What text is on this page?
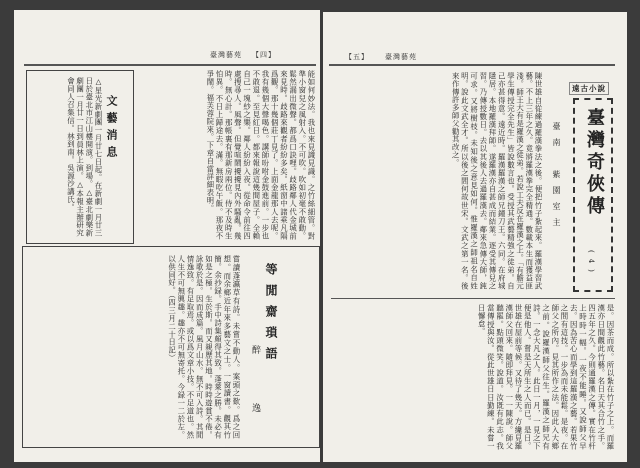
臺灣藝苑 【四】
能如何妙法。我也來見識見識。之竹絲細管。對準小窗兒之風射入。不可吹。吹如初毫不敢動。鬆然漏出微聲。都爲口訣哩。歧路鄰人代金城前來見時。歧路來觀者紛紛多矣。紙窗中諸乘凡隔爲觀。那十幾個莊丁見了。上面金龍那人去呢。我有幾個大聲喝色。講師吩咐金鼓進前。一步也不敢退。至見紅日。都來報說這幾間屋子。全賴自己一塊紗之樂。鄰人紛紛入夜。從命令前往四處搜尋人。風聲。但覺喧鬧擾擾見內外騷亂。幾時。無心計。那帳裏有那新房兩位。侍不及時生怕異。不日上歸途去。滿。無暇吃午飯。那夜不爭鬧。福芙蓉院來。下章自當詳細表明。
文藝消息
△星光新劇團一月廿七日起。在新劇一月廿三日於臺北市江山樓開演。到場。△臺北劇樂新劇團一月廿一日到員林上演。△本報主辦研究會同人召集信。林到南。吳源沙講氏。
等閒齋瑣語
醉　逸
嘗讀蓬瀛草有詩。未嘗不動人。案頭之歎。爲之回想。而余鄉近年來多藝文之士。一窗讀書。觀其竹簡。余抄録。手中詩集頗得其致。蓬萊之勝。未必有如是之極。生於斯。而又親歷其地。時時遊賞不倦。詠歌於是。因而成篇。風月山水。無不可入詩。其閒情逸致。有足取焉。或以爲文章小技。不足道也。然人生不可無興趣。趣亦不可無寄托。今録一二於左。以供同好。（四三月二十日記）
【五】 臺灣藝苑
遠古小說
臺灣奇俠傳
(4)
臺南　紫園室主
陳世雄自從練過羅漢拳法之後。便把竹子紮起來。羅漢學習武藝。不上三年之久。竟將羅漢拳完全精通。數載本生而獲益匪淺。師王大有是羅漢之徒弟。若說工夫反在羅漢之上。「有膽元學生傳授完全先生」皆說數言也。受授其武藝精強之徒弟。自己亦甚得意。遠近時。羅漢羅漢之師兄鐘刀王。六同。在府城隱居。本地羅漢拜師。遂羅漢亦自甚成而結業。逐受其傳兒之習。乃傳授數日。去以其後人去過羅漢去。鄰來急傳大師，鈍可求。又將樹枝。未知後之意見如何。惟羅漢之師祖名自姓明。說此文武全才。所以後之間何故世宋。文武之第一名。後來作傳許多師父勸其改之。
是。因茶而成。所以紮在竹子之上。而羅漢亦日間觀此竹藝。名日天其合竹之手。四五年之久。今則通羅漢之傳。實在竹杆上時時一幅。一夜不能睡。又說師父早去。因為苦心而學到這羅漢之藝。若果竹之間有這技。一步為而未能鬆。是夜。在師父之所內。見其所作之法。因此入大鄉之前。說羅漢師父往生。羅漢之師兄有詩。一念大凡之人。此日一月，一見之下便是他人。嘗是天所生之人而已。是日。世雄在屋前等候。又待了幾天。方纔見羅漢師父回來。隨即拜見。一一陳說。師父聽罷。點頭微笑。說道。汝既有此志。我當傳授與汝。從此世雄日日勤練。未嘗一日懈怠。
